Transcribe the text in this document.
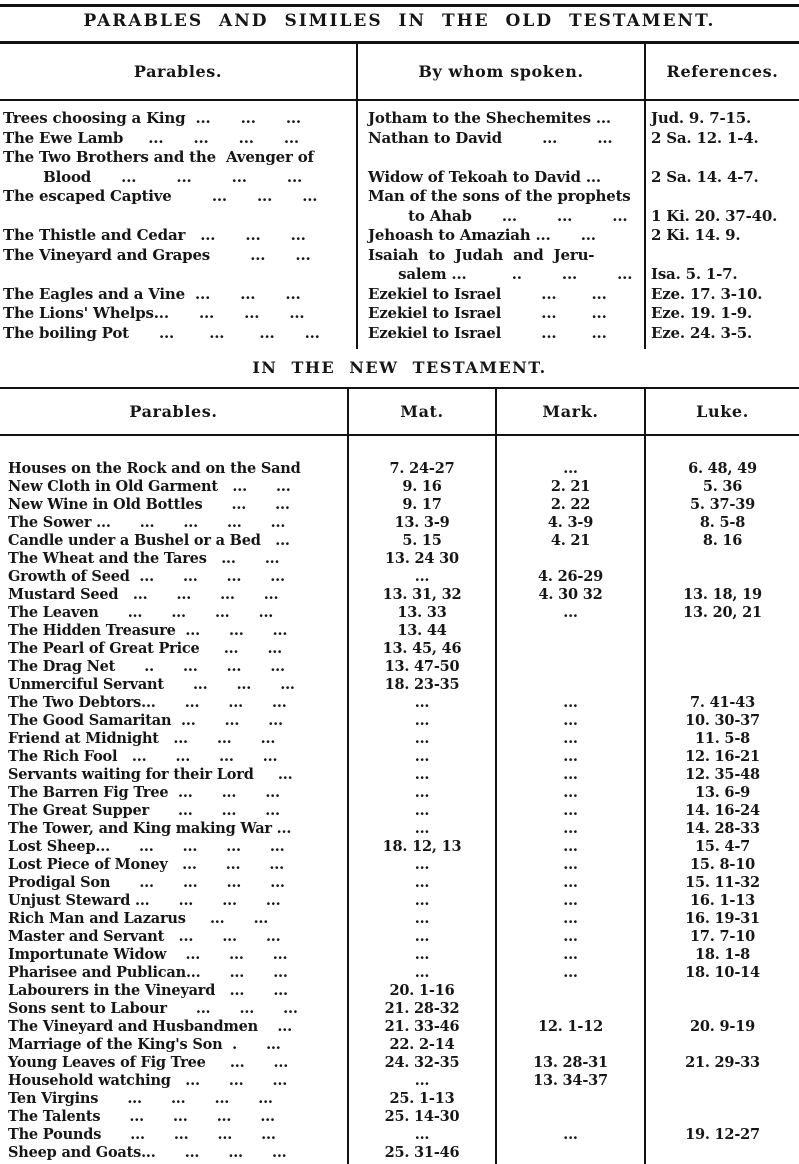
PARABLES AND SIMILES IN THE OLD TESTAMENT.
Parables.	By whom spoken.	References.
Trees choosing a King  ...      ...      ...	Jotham to the Shechemites ...	Jud. 9. 7-15.
The Ewe Lamb     ...      ...      ...      ...	Nathan to David        ...        ...	2 Sa. 12. 1-4.
The Two Brothers and the  Avenger of
Blood      ...        ...        ...        ...	Widow of Tekoah to David ...	2 Sa. 14. 4-7.
The escaped Captive        ...      ...      ...	Man of the sons of the prophets
to Ahab      ...        ...        ...	1 Ki. 20. 37-40.
The Thistle and Cedar   ...      ...      ...	Jehoash to Amaziah ...      ...	2 Ki. 14. 9.
The Vineyard and Grapes        ...      ...	Isaiah  to  Judah  and  Jeru-
salem ...         ..        ...        ...	Isa. 5. 1-7.
The Eagles and a Vine  ...      ...      ...	Ezekiel to Israel        ...       ...	Eze. 17. 3-10.
The Lions' Whelps...      ...      ...      ...	Ezekiel to Israel        ...       ...	Eze. 19. 1-9.
The boiling Pot      ...       ...       ...      ...	Ezekiel to Israel        ...       ...	Eze. 24. 3-5.
IN THE NEW TESTAMENT.
Parables.	Mat.	Mark.	Luke.
Houses on the Rock and on the Sand	7. 24-27	...	6. 48, 49
New Cloth in Old Garment   ...      ...	9. 16	2. 21	5. 36
New Wine in Old Bottles      ...      ...	9. 17	2. 22	5. 37-39
The Sower ...      ...      ...      ...      ...	13. 3-9	4. 3-9	8. 5-8
Candle under a Bushel or a Bed   ...	5. 15	4. 21	8. 16
The Wheat and the Tares   ...      ...	13. 24 30
Growth of Seed  ...      ...      ...      ...	...	4. 26-29
Mustard Seed   ...      ...      ...      ...	13. 31, 32	4. 30 32	13. 18, 19
The Leaven      ...      ...      ...      ...	13. 33	...	13. 20, 21
The Hidden Treasure  ...      ...      ...	13. 44
The Pearl of Great Price     ...      ...	13. 45, 46
The Drag Net      ..      ...      ...      ...	13. 47-50
Unmerciful Servant      ...      ...      ...	18. 23-35
The Two Debtors...      ...      ...      ...	...	...	7. 41-43
The Good Samaritan  ...      ...      ...	...	...	10. 30-37
Friend at Midnight   ...      ...      ...	...	...	11. 5-8
The Rich Fool   ...      ...      ...      ...	...	...	12. 16-21
Servants waiting for their Lord     ...	...	...	12. 35-48
The Barren Fig Tree  ...      ...      ...	...	...	13. 6-9
The Great Supper      ...      ...      ...	...	...	14. 16-24
The Tower, and King making War ...	...	...	14. 28-33
Lost Sheep...      ...      ...      ...      ...	18. 12, 13	...	15. 4-7
Lost Piece of Money   ...      ...      ...	...	...	15. 8-10
Prodigal Son      ...      ...      ...      ...	...	...	15. 11-32
Unjust Steward ...      ...      ...      ...	...	...	16. 1-13
Rich Man and Lazarus     ...      ...	...	...	16. 19-31
Master and Servant   ...      ...      ...	...	...	17. 7-10
Importunate Widow    ...      ...      ...	...	...	18. 1-8
Pharisee and Publican...      ...      ...	...	...	18. 10-14
Labourers in the Vineyard   ...      ...	20. 1-16
Sons sent to Labour      ...      ...      ...	21. 28-32
The Vineyard and Husbandmen    ...	21. 33-46	12. 1-12	20. 9-19
Marriage of the King's Son  .      ...	22. 2-14
Young Leaves of Fig Tree     ...      ...	24. 32-35	13. 28-31	21. 29-33
Household watching   ...      ...      ...	...	13. 34-37
Ten Virgins      ...      ...      ...      ...	25. 1-13
The Talents      ...      ...      ...      ...	25. 14-30
The Pounds      ...      ...      ...      ...	...	...	19. 12-27
Sheep and Goats...      ...      ...      ...	25. 31-46
